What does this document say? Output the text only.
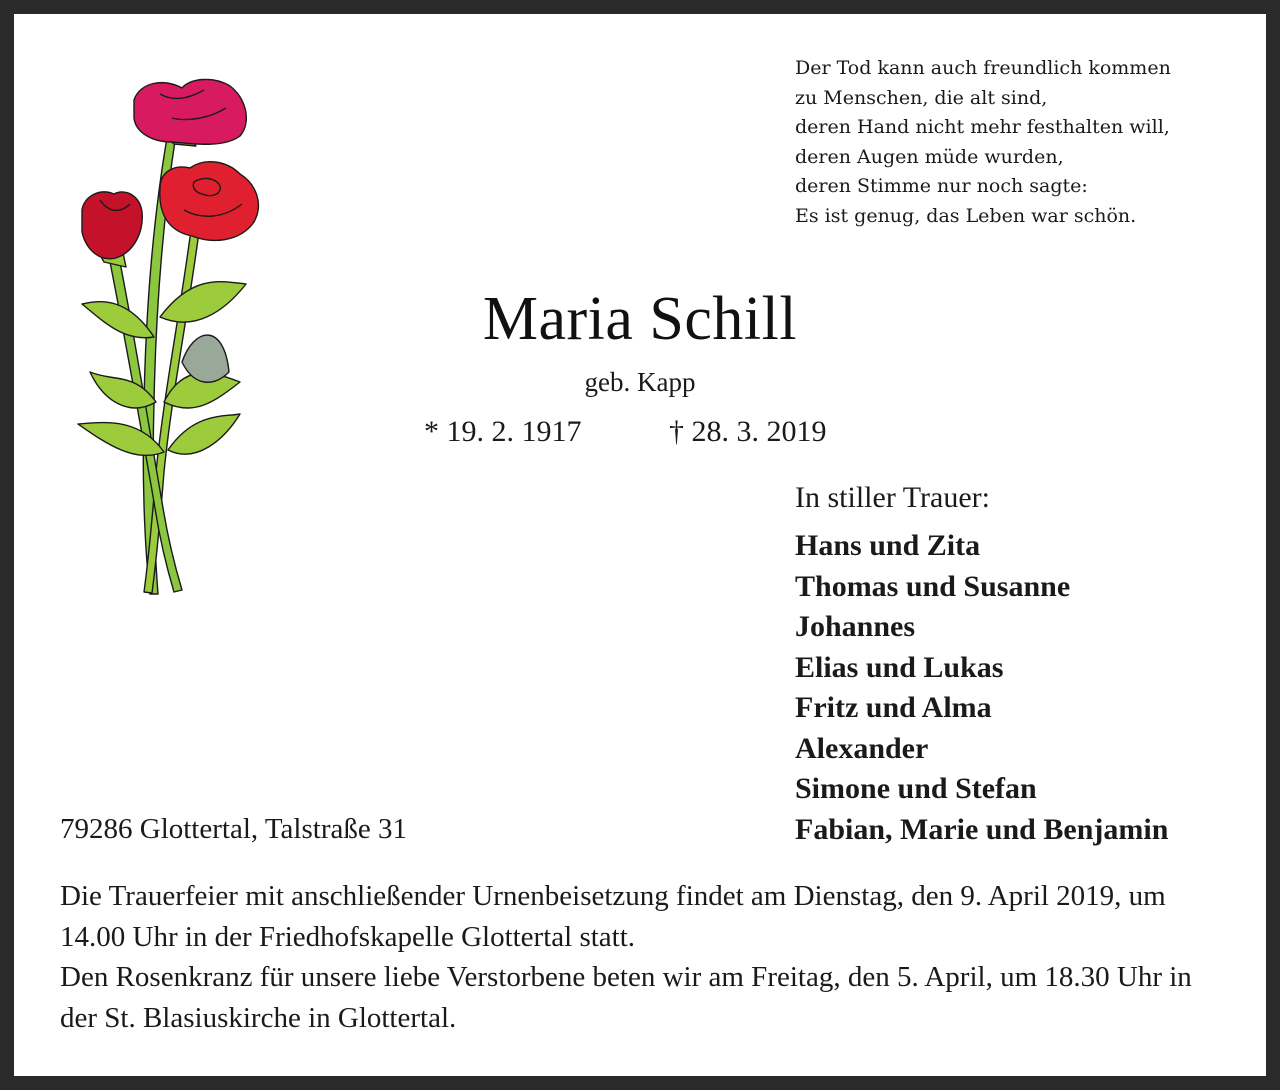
Der Tod kann auch freundlich kommen
zu Menschen, die alt sind,
deren Hand nicht mehr festhalten will,
deren Augen müde wurden,
deren Stimme nur noch sagte:
Es ist genug, das Leben war schön.
Maria Schill
geb. Kapp
* 19. 2. 1917	† 28. 3. 2019
In stiller Trauer:
Hans und Zita
Thomas und Susanne
Johannes
Elias und Lukas
Fritz und Alma
Alexander
Simone und Stefan
Fabian, Marie und Benjamin
79286 Glottertal, Talstraße 31

Die Trauerfeier mit anschließender Urnenbeisetzung findet am Dienstag, den 9. April 2019, um 14.00 Uhr in der Friedhofskapelle Glottertal statt.

Den Rosenkranz für unsere liebe Verstorbene beten wir am Freitag, den 5. April, um 18.30 Uhr in der St. Blasiuskirche in Glottertal.
